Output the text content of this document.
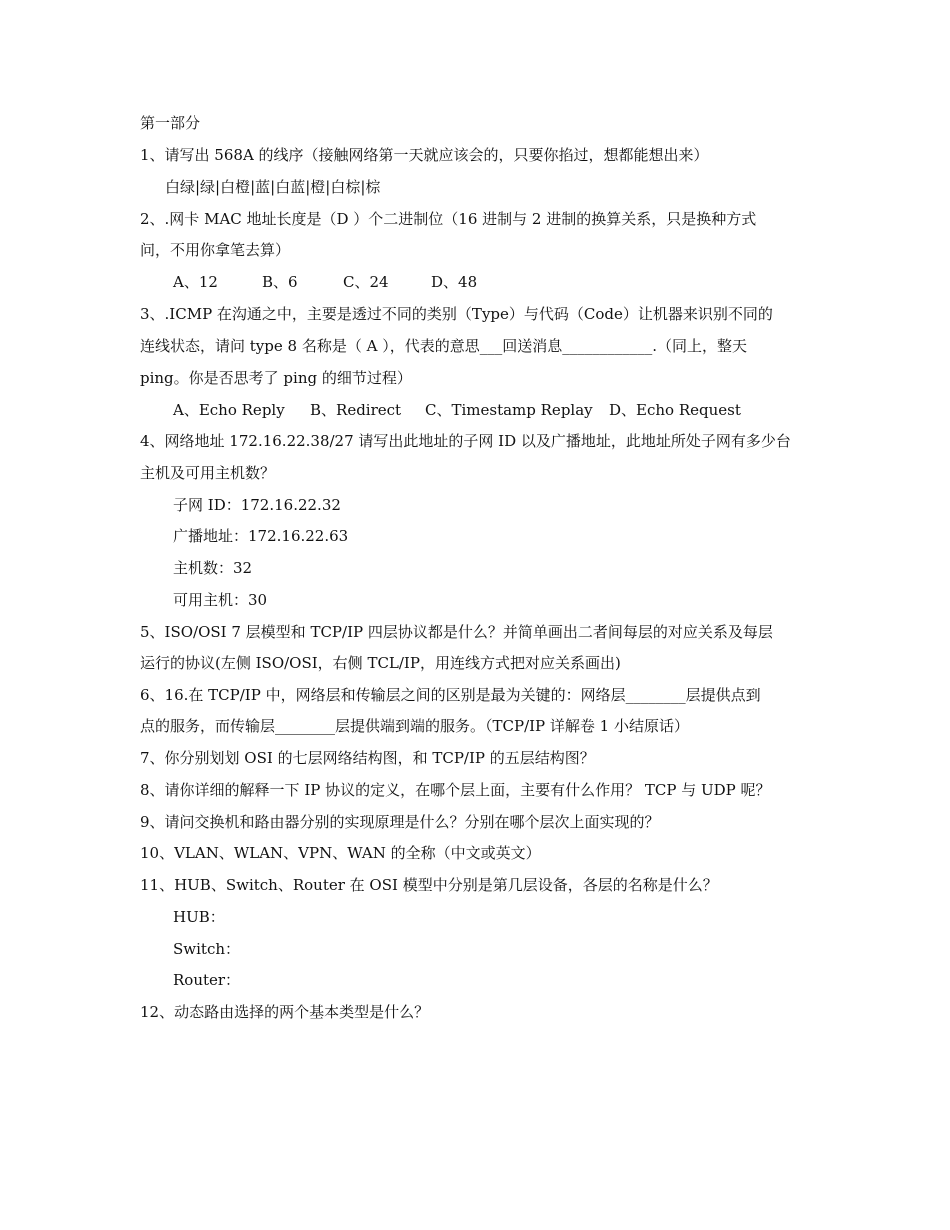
第一部分
1、请写出 568A 的线序（接触网络第一天就应该会的，只要你掐过，想都能想出来）
白绿|绿|白橙|蓝|白蓝|橙|白棕|棕
2、.网卡 MAC 地址长度是（D ）个二进制位（16 进制与 2 进制的换算关系，只是换种方式
问，不用你拿笔去算）
A、12	B、6	C、24	D、48
3、.ICMP 在沟通之中，主要是透过不同的类别（Type）与代码（Code）让机器来识别不同的
连线状态，请问 type 8 名称是（ A ），代表的意思___回送消息____________.（同上，整天
ping。你是否思考了 ping 的细节过程）
A、Echo Reply B、Redirect C、Timestamp Replay D、Echo Request
4、网络地址 172.16.22.38/27 请写出此地址的子网 ID 以及广播地址，此地址所处子网有多少台
主机及可用主机数？
子网 ID：172.16.22.32
广播地址：172.16.22.63
主机数：32
可用主机：30
5、ISO/OSI 7 层模型和 TCP/IP 四层协议都是什么？并简单画出二者间每层的对应关系及每层
运行的协议(左侧 ISO/OSI，右侧 TCL/IP，用连线方式把对应关系画出)
6、16.在 TCP/IP 中，网络层和传输层之间的区别是最为关键的：网络层________层提供点到
点的服务，而传输层________层提供端到端的服务。（TCP/IP 详解卷 1 小结原话）
7、你分别划划 OSI 的七层网络结构图，和 TCP/IP 的五层结构图？
8、请你详细的解释一下 IP 协议的定义，在哪个层上面，主要有什么作用？ TCP 与 UDP 呢？
9、请问交换机和路由器分别的实现原理是什么？分别在哪个层次上面实现的？
10、VLAN、WLAN、VPN、WAN 的全称（中文或英文）
11、HUB、Switch、Router 在 OSI 模型中分别是第几层设备，各层的名称是什么？
HUB：
Switch：
Router：
12、动态路由选择的两个基本类型是什么？
